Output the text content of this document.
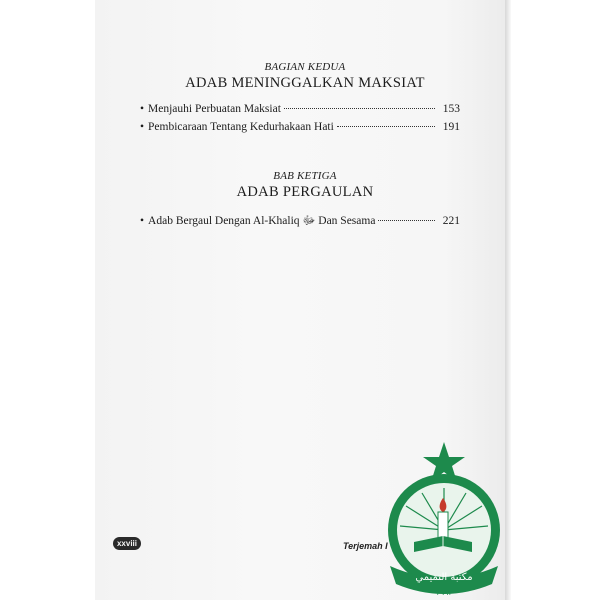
BAGIAN KEDUA
ADAB MENINGGALKAN MAKSIAT
• Menjauhi Perbuatan Maksiat	153
• Pembicaraan Tentang Kedurhakaan Hati	191
BAB KETIGA
ADAB PERGAULAN
• Adab Bergaul Dengan Al-Khaliq ﷻ Dan Sesama	221
xxviii	Terjemah I
مكتبة التميمي
١٩٩٢
